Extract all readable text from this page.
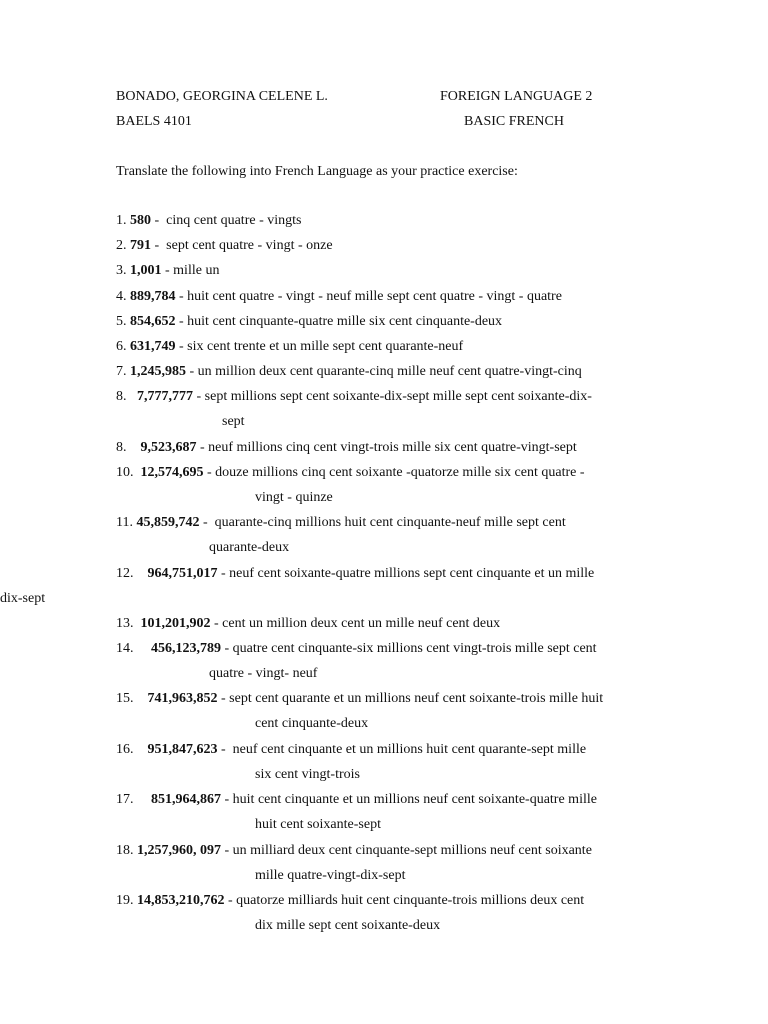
BONADO, GEORGINA CELENE L.	FOREIGN LANGUAGE 2
BAELS 4101	BASIC FRENCH
Translate the following into French Language as your practice exercise:
1. 580 -  cinq cent quatre - vingts
2. 791 -  sept cent quatre - vingt - onze
3. 1,001 - mille un
4. 889,784 - huit cent quatre - vingt - neuf mille sept cent quatre - vingt - quatre
5. 854,652 - huit cent cinquante-quatre mille six cent cinquante-deux
6. 631,749 - six cent trente et un mille sept cent quarante-neuf
7. 1,245,985 - un million deux cent quarante-cinq mille neuf cent quatre-vingt-cinq
8.   7,777,777 - sept millions sept cent soixante-dix-sept mille sept cent soixante-dix-
sept
8.    9,523,687 - neuf millions cinq cent vingt-trois mille six cent quatre-vingt-sept
10.  12,574,695 - douze millions cinq cent soixante -quatorze mille six cent quatre -
vingt - quinze
11. 45,859,742 -  quarante-cinq millions huit cent cinquante-neuf mille sept cent
quarante-deux
12.    964,751,017 - neuf cent soixante-quatre millions sept cent cinquante et un mille
dix-sept
13.  101,201,902 - cent un million deux cent un mille neuf cent deux
14.     456,123,789 - quatre cent cinquante-six millions cent vingt-trois mille sept cent
quatre - vingt- neuf
15.    741,963,852 - sept cent quarante et un millions neuf cent soixante-trois mille huit
cent cinquante-deux
16.    951,847,623 -  neuf cent cinquante et un millions huit cent quarante-sept mille
six cent vingt-trois
17.     851,964,867 - huit cent cinquante et un millions neuf cent soixante-quatre mille
huit cent soixante-sept
18. 1,257,960, 097 - un milliard deux cent cinquante-sept millions neuf cent soixante
mille quatre-vingt-dix-sept
19. 14,853,210,762 - quatorze milliards huit cent cinquante-trois millions deux cent
dix mille sept cent soixante-deux
